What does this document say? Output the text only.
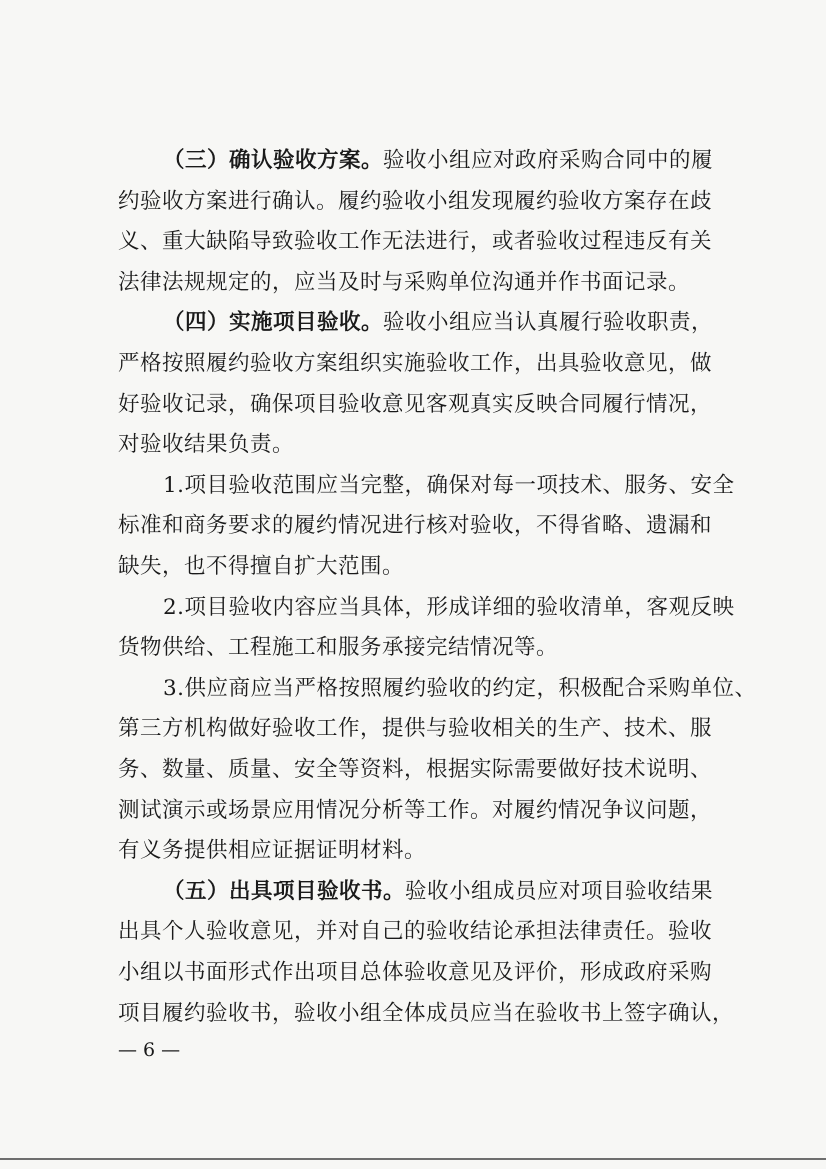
（三）确认验收方案。验收小组应对政府采购合同中的履
约验收方案进行确认。履约验收小组发现履约验收方案存在歧
义、重大缺陷导致验收工作无法进行，或者验收过程违反有关
法律法规规定的，应当及时与采购单位沟通并作书面记录。
（四）实施项目验收。验收小组应当认真履行验收职责，
严格按照履约验收方案组织实施验收工作，出具验收意见，做
好验收记录，确保项目验收意见客观真实反映合同履行情况，
对验收结果负责。
1.项目验收范围应当完整，确保对每一项技术、服务、安全
标准和商务要求的履约情况进行核对验收，不得省略、遗漏和
缺失，也不得擅自扩大范围。
2.项目验收内容应当具体，形成详细的验收清单，客观反映
货物供给、工程施工和服务承接完结情况等。
3.供应商应当严格按照履约验收的约定，积极配合采购单位、
第三方机构做好验收工作，提供与验收相关的生产、技术、服
务、数量、质量、安全等资料，根据实际需要做好技术说明、
测试演示或场景应用情况分析等工作。对履约情况争议问题，
有义务提供相应证据证明材料。
（五）出具项目验收书。验收小组成员应对项目验收结果
— 6 —
出具个人验收意见，并对自己的验收结论承担法律责任。验收
小组以书面形式作出项目总体验收意见及评价，形成政府采购
项目履约验收书，验收小组全体成员应当在验收书上签字确认，
